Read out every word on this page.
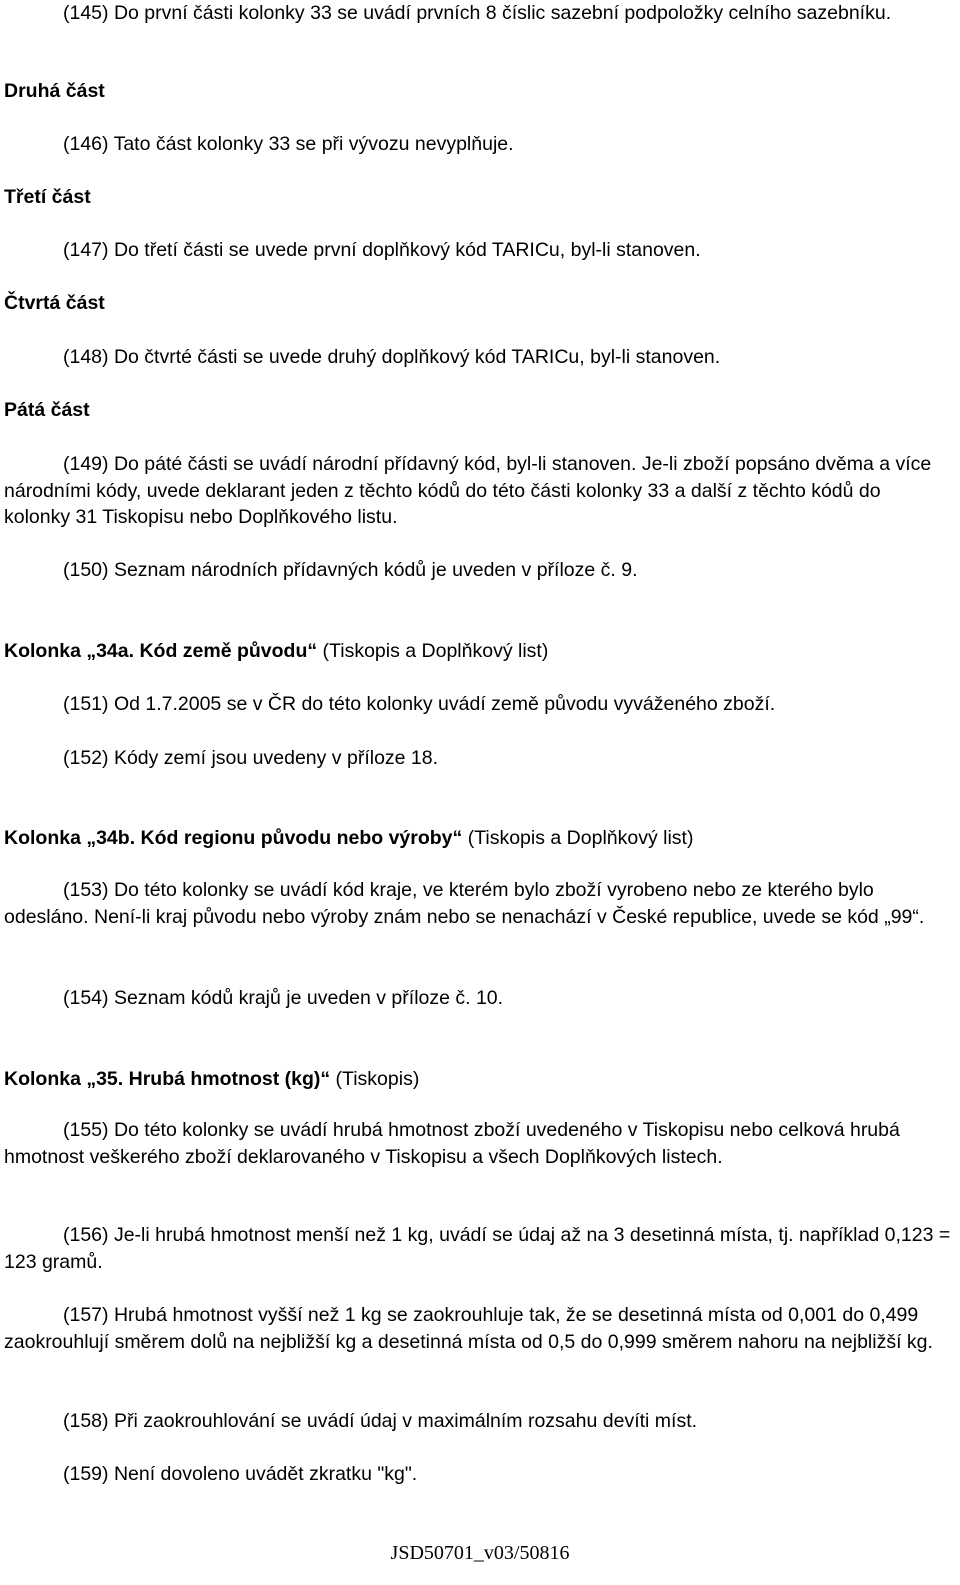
(145) Do první části kolonky 33 se uvádí prvních 8 číslic sazební podpoložky celního sazebníku.

Druhá část

(146) Tato část kolonky 33 se při vývozu nevyplňuje.

Třetí část

(147) Do třetí části se uvede první doplňkový kód TARICu, byl-li stanoven.

Čtvrtá část

(148) Do čtvrté části se uvede druhý doplňkový kód TARICu, byl-li stanoven.

Pátá část

(149) Do páté části se uvádí národní přídavný kód, byl-li stanoven. Je-li zboží popsáno dvěma a více národními kódy, uvede deklarant jeden z těchto kódů do této části kolonky 33 a další z těchto kódů do kolonky 31 Tiskopisu nebo Doplňkového listu.

(150) Seznam národních přídavných kódů je uveden v příloze č. 9.

Kolonka „34a. Kód země původu“ (Tiskopis a Doplňkový list)

(151) Od 1.7.2005 se v ČR do této kolonky uvádí země původu vyváženého zboží.

(152) Kódy zemí jsou uvedeny v příloze 18.

Kolonka „34b. Kód regionu původu nebo výroby“ (Tiskopis a Doplňkový list)

(153) Do této kolonky se uvádí kód kraje, ve kterém bylo zboží vyrobeno nebo ze kterého bylo odesláno. Není-li kraj původu nebo výroby znám nebo se nenachází v České republice, uvede se kód „99“.

(154) Seznam kódů krajů je uveden v příloze č. 10.

Kolonka „35. Hrubá hmotnost (kg)“ (Tiskopis)

(155) Do této kolonky se uvádí hrubá hmotnost zboží uvedeného v Tiskopisu nebo celková hrubá hmotnost veškerého zboží deklarovaného v Tiskopisu a všech Doplňkových listech.

(156) Je-li hrubá hmotnost menší než 1 kg, uvádí se údaj až na 3 desetinná místa, tj. například 0,123 = 123 gramů.

(157) Hrubá hmotnost vyšší než 1 kg se zaokrouhluje tak, že se desetinná místa od 0,001 do 0,499 zaokrouhlují směrem dolů na nejbližší kg a desetinná místa od 0,5 do 0,999 směrem nahoru na nejbližší kg.

(158) Při zaokrouhlování se uvádí údaj v maximálním rozsahu devíti míst.

(159) Není dovoleno uvádět zkratku "kg".

JSD50701_v03/50816
